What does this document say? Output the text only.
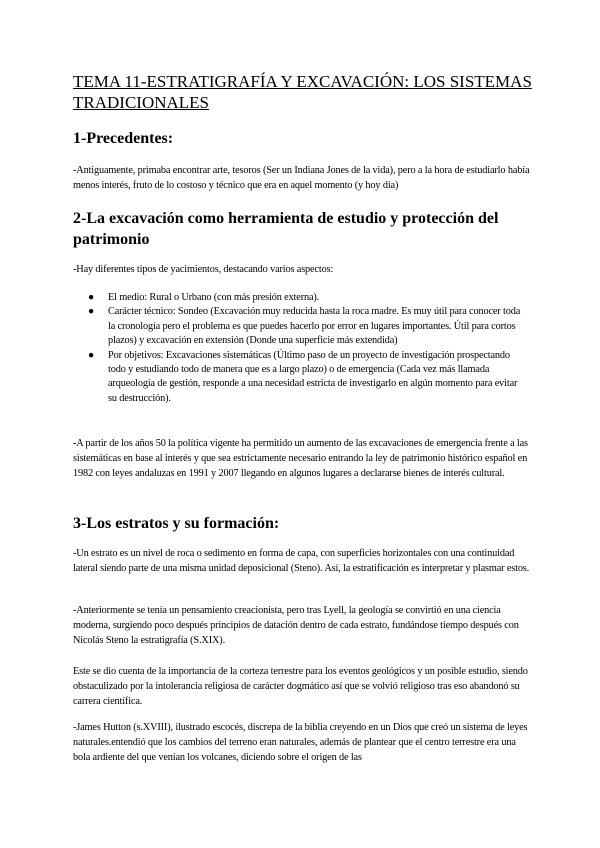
TEMA 11-ESTRATIGRAFÍA Y EXCAVACIÓN: LOS SISTEMAS TRADICIONALES
1-Precedentes:

-Antiguamente, primaba encontrar arte, tesoros (Ser un Indiana Jones de la vida), pero a la hora de estudiarlo había menos interés, fruto de lo costoso y técnico que era en aquel momento (y hoy día)

2-La excavación como herramienta de estudio y protección del patrimonio

-Hay diferentes tipos de yacimientos, destacando varios aspectos:

● El medio: Rural o Urbano (con más presión externa).
● Carácter técnico: Sondeo (Excavación muy reducida hasta la roca madre. Es muy útil para conocer toda la cronología pero el problema es que puedes hacerlo por error en lugares importantes. Útil para cortos plazos) y excavación en extensión (Donde una superficie más extendida)
● Por objetivos: Excavaciones sistemáticas (Último paso de un proyecto de investigación prospectando todo y estudiando todo de manera que es a largo plazo) o de emergencia (Cada vez más llamada arqueología de gestión, responde a una necesidad estricta de investigarlo en algún momento para evitar su destrucción).

-A partir de los años 50 la política vigente ha permitido un aumento de las excavaciones de emergencia frente a las sistemáticas en base al interés y que sea estrictamente necesario entrando la ley de patrimonio histórico español en 1982 con leyes andaluzas en 1991 y 2007 llegando en algunos lugares a declararse bienes de interés cultural.

3-Los estratos y su formación:

-Un estrato es un nivel de roca o sedimento en forma de capa, con superficies horizontales con una continuidad lateral siendo parte de una misma unidad deposicional (Steno). Así, la estratificación es interpretar y plasmar estos.

-Anteriormente se tenía un pensamiento creacionista, pero tras Lyell, la geología se convirtió en una ciencia moderna, surgiendo poco después principios de datación dentro de cada estrato, fundándose tiempo después con Nicolás Steno la estratigrafía (S.XIX).

Este se dio cuenta de la importancia de la corteza terrestre para los eventos geológicos y un posible estudio, siendo obstaculizado por la intolerancia religiosa de carácter dogmático así que se volvió religioso tras eso abandonó su carrera científica.

-James Hutton (s.XVIII), ilustrado escocés, discrepa de la biblia creyendo en un Dios que creó un sistema de leyes naturales.entendió que los cambios del terreno eran naturales, además de plantear que el centro terrestre era una bola ardiente del que venían los volcanes, diciendo sobre el origen de las
